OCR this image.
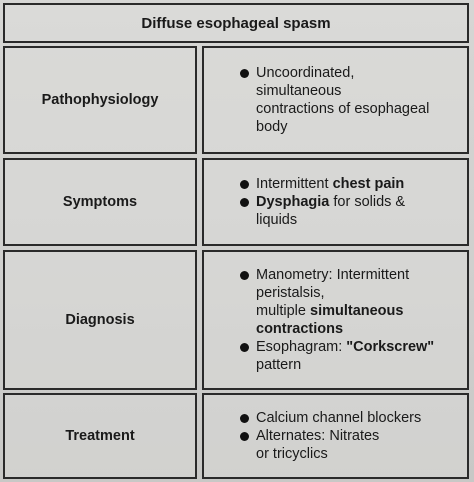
Diffuse esophageal spasm
Pathophysiology
Uncoordinated,
simultaneous
contractions of esophageal
body
Symptoms
Intermittent chest pain
Dysphagia for solids &
liquids
Diagnosis
Manometry: Intermittent
peristalsis,
multiple simultaneous
contractions
Esophagram: "Corkscrew"
pattern
Treatment
Calcium channel blockers
Alternates: Nitrates
or tricyclics
